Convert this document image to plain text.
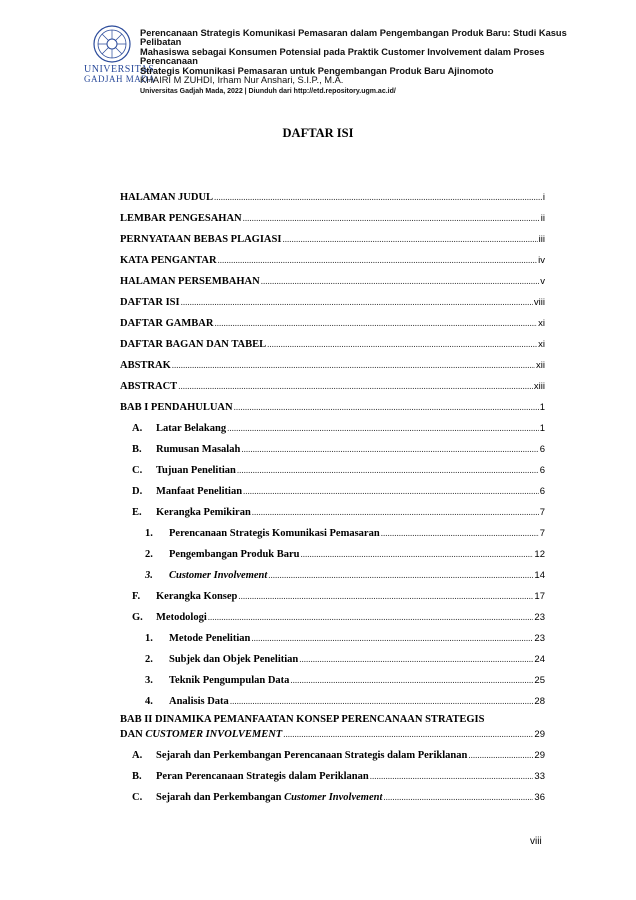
UNIVERSITAS
GADJAH MADA
Perencanaan Strategis Komunikasi Pemasaran dalam Pengembangan Produk Baru: Studi Kasus
Pelibatan
Mahasiswa sebagai Konsumen Potensial pada Praktik Customer Involvement dalam Proses
Perencanaan
Strategis Komunikasi Pemasaran untuk Pengembangan Produk Baru Ajinomoto
KHAIRI M ZUHDI, Irham Nur Anshari, S.I.P., M.A.
Universitas Gadjah Mada, 2022 | Diunduh dari http://etd.repository.ugm.ac.id/
DAFTAR ISI
HALAMAN JUDUL .....	i
LEMBAR PENGESAHAN .....	ii
PERNYATAAN BEBAS PLAGIASI .....	iii
KATA PENGANTAR .....	iv
HALAMAN PERSEMBAHAN .....	v
DAFTAR ISI .....	viii
DAFTAR GAMBAR .....	xi
DAFTAR BAGAN DAN TABEL .....	xi
ABSTRAK .....	xii
ABSTRACT .....	xiii
BAB I PENDAHULUAN .....	1
A.	Latar Belakang .....	1
B.	Rumusan Masalah .....	6
C.	Tujuan Penelitian .....	6
D.	Manfaat Penelitian .....	6
E.	Kerangka Pemikiran .....	7
1.	Perencanaan Strategis Komunikasi Pemasaran .....	7
2.	Pengembangan Produk Baru .....	12
3.	Customer Involvement .....	14
F.	Kerangka Konsep .....	17
G.	Metodologi .....	23
1.	Metode Penelitian .....	23
2.	Subjek dan Objek Penelitian .....	24
3.	Teknik Pengumpulan Data .....	25
4.	Analisis Data .....	28
BAB II DINAMIKA PEMANFAATAN KONSEP PERENCANAAN STRATEGIS
DAN
CUSTOMER INVOLVEMENT .....	29
A.	Sejarah dan Perkembangan Perencanaan Strategis dalam Periklanan .....	29
B.	Peran Perencanaan Strategis dalam Periklanan .....	33
C.	Sejarah dan Perkembangan
Customer Involvement .....	36
viii
